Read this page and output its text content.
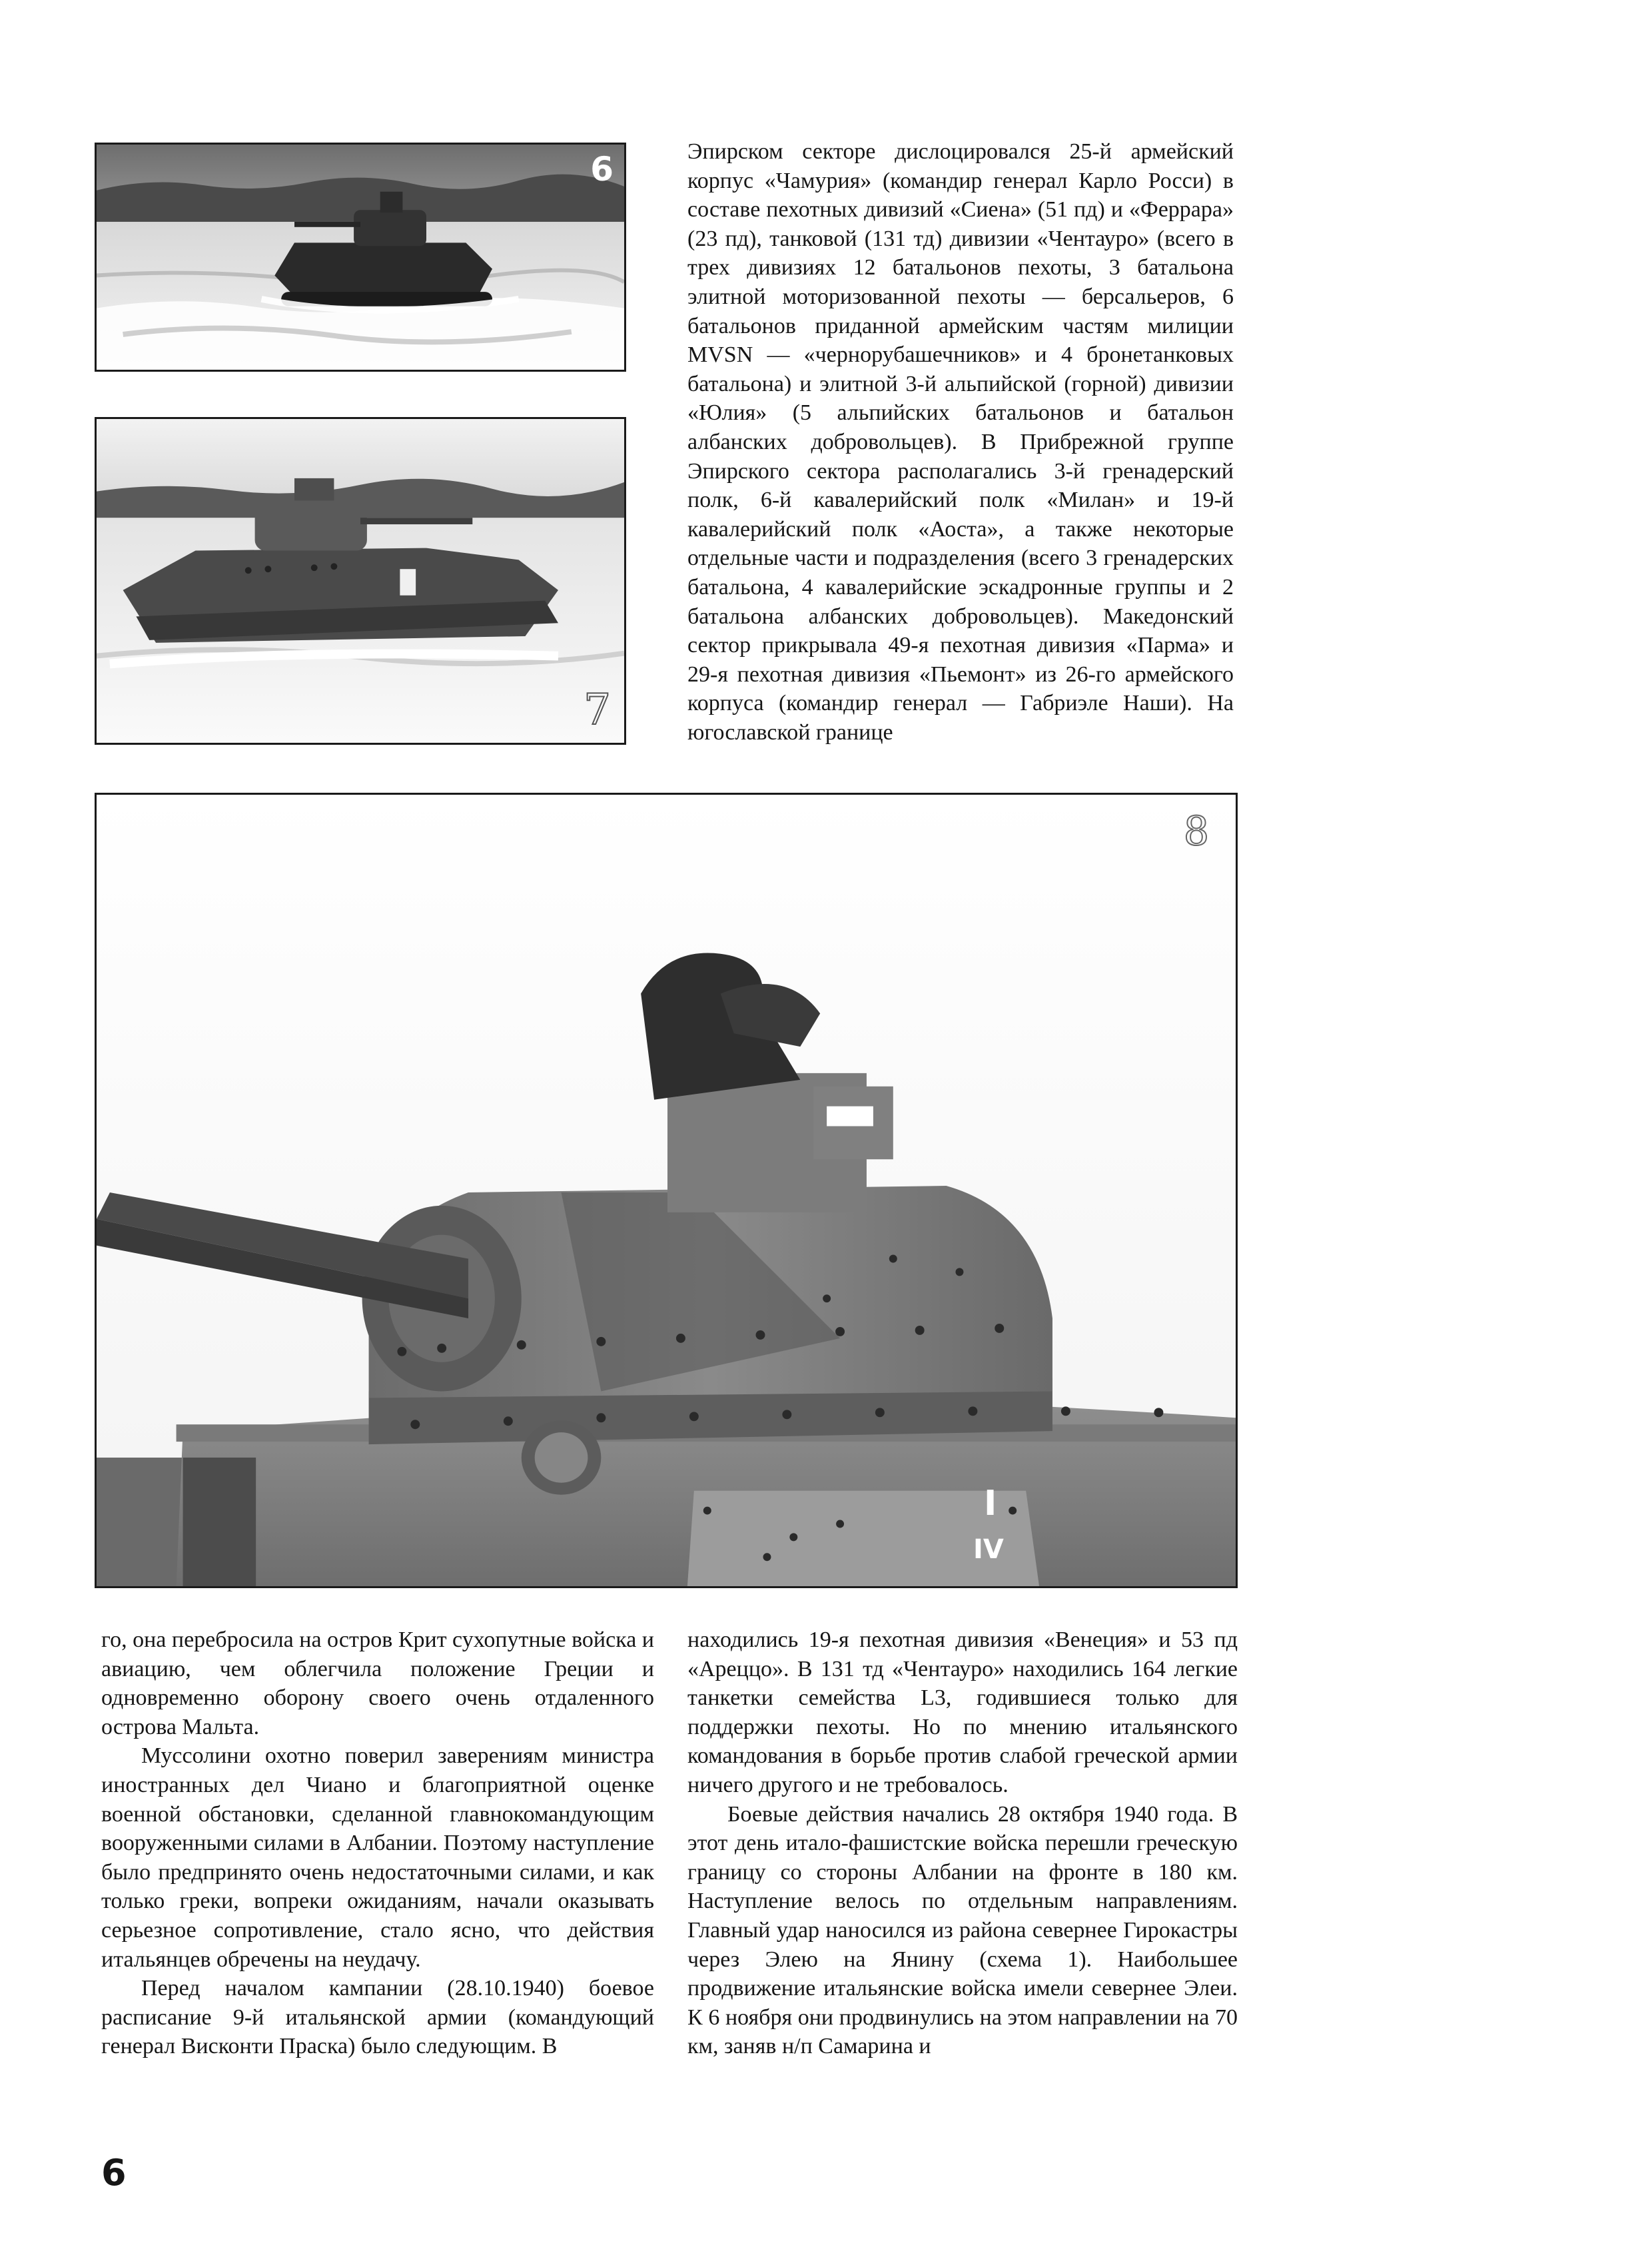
6
7

Эпирском секторе дислоцировался 25-й армейский корпус «Чамурия» (командир генерал Карло Росси) в составе пехотных дивизий «Сиена» (51 пд) и «Феррара» (23 пд), танковой (131 тд) дивизии «Чентауро» (всего в трех дивизиях 12 батальонов пехоты, 3 батальона элитной моторизованной пехоты — берсальеров, 6 батальонов приданной армейским частям милиции MVSN — «чернорубашечников» и 4 бронетанковых батальона) и элитной 3-й альпийской (горной) дивизии «Юлия» (5 альпийских батальонов и батальон албанских добровольцев). В Прибрежной группе Эпирского сектора располагались 3-й гренадерский полк, 6-й кавалерийский полк «Милан» и 19-й кавалерийский полк «Аоста», а также некоторые отдельные части и подразделения (всего 3 гренадерских батальона, 4 кавалерийские эскадронные группы и 2 батальона албанских добровольцев). Македонский сектор прикрывала 49-я пехотная дивизия «Парма» и 29-я пехотная дивизия «Пьемонт» из 26-го армейского корпуса (командир генерал — Габриэле Наши). На югославской границе

8
I
IV

го, она перебросила на остров Крит сухопутные войска и авиацию, чем облегчила положение Греции и одновременно оборону своего очень отдаленного острова Мальта.

Муссолини охотно поверил заверениям министра иностранных дел Чиано и благоприятной оценке военной обстановки, сделанной главнокомандующим вооруженными силами в Албании. Поэтому наступление было предпринято очень недостаточными силами, и как только греки, вопреки ожиданиям, начали оказывать серьезное сопротивление, стало ясно, что действия итальянцев обречены на неудачу.

Перед началом кампании (28.10.1940) боевое расписание 9-й итальянской армии (командующий генерал Висконти Праска) было следующим. В

находились 19-я пехотная дивизия «Венеция» и 53 пд «Ареццо». В 131 тд «Чентауро» находились 164 легкие танкетки семейства L3, годившиеся только для поддержки пехоты. Но по мнению итальянского командования в борьбе против слабой греческой армии ничего другого и не требовалось.

Боевые действия начались 28 октября 1940 года. В этот день итало-фашистские войска перешли греческую границу со стороны Албании на фронте в 180 км. Наступление велось по отдельным направлениям. Главный удар наносился из района севернее Гирокастры через Элею на Янину (схема 1). Наибольшее продвижение итальянские войска имели севернее Элеи. К 6 ноября они продвинулись на этом направлении на 70 км, заняв н/п Самарина и

6
